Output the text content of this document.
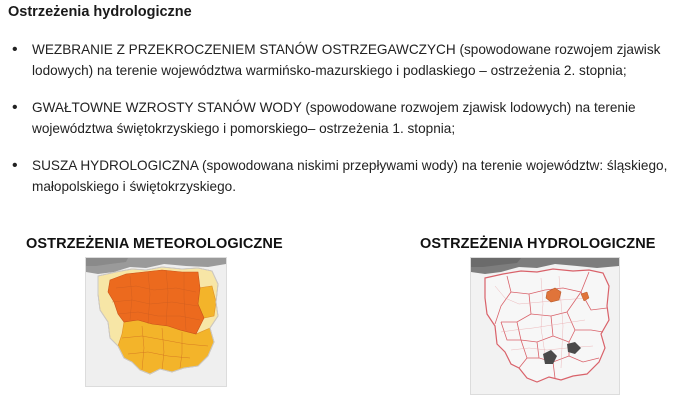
Ostrzeżenia hydrologiczne
• WEZBRANIE Z PRZEKROCZENIEM STANÓW OSTRZEGAWCZYCH (spowodowane rozwojem zjawisk lodowych) na terenie województwa warmińsko-mazurskiego i podlaskiego – ostrzeżenia 2. stopnia;
• GWAŁTOWNE WZROSTY STANÓW WODY (spowodowane rozwojem zjawisk lodowych) na terenie województwa świętokrzyskiego i pomorskiego– ostrzeżenia 1. stopnia;
• SUSZA HYDROLOGICZNA (spowodowana niskimi przepływami wody) na terenie województw: śląskiego, małopolskiego i świętokrzyskiego.
OSTRZEŻENIA METEOROLOGICZNE	OSTRZEŻENIA HYDROLOGICZNE
